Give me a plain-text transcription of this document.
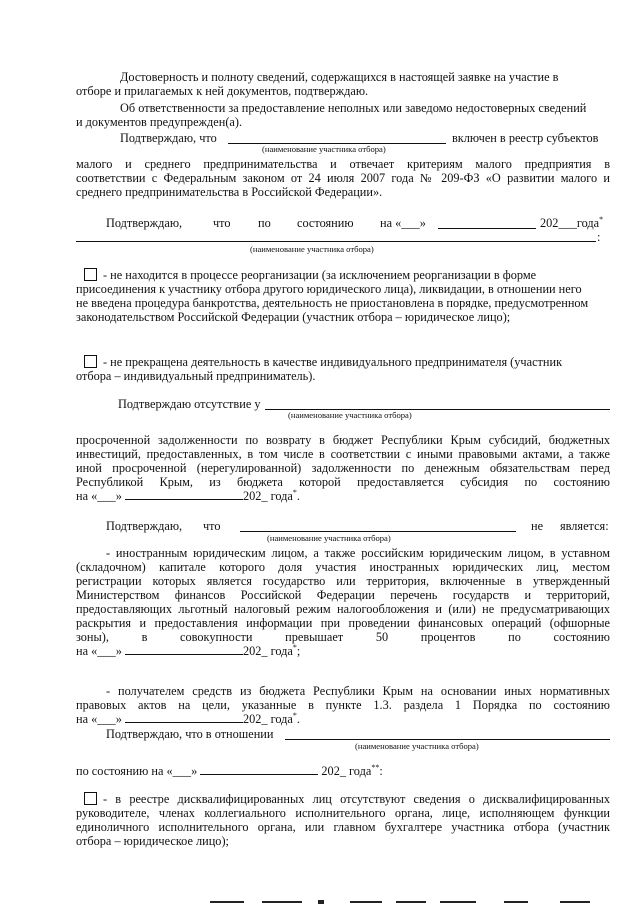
Достоверность и полноту сведений, содержащихся в настоящей заявке на участие в
отборе и прилагаемых к ней документов, подтверждаю.
Об ответственности за предоставление неполных или заведомо недостоверных сведений
и документов предупрежден(а).
Подтверждаю, что	включен в реестр субъектов
(наименование участника отбора)
малого и среднего предпринимательства и отвечает критериям малого предприятия в
соответствии с Федеральным законом от 24 июля 2007 года № 209-ФЗ «О развитии малого и
среднего предпринимательства в Российской Федерации».
Подтверждаю,	что по состоянию на «___»	202___года*
:
(наименование участника отбора)
- не находится в процессе реорганизации (за исключением реорганизации в форме
присоединения к участнику отбора другого юридического лица), ликвидации, в отношении него
не введена процедура банкротства, деятельность не приостановлена в порядке, предусмотренном
законодательством Российской Федерации (участник отбора – юридическое лицо);
- не прекращена деятельность в качестве индивидуального предпринимателя (участник
отбора – индивидуальный предприниматель).
Подтверждаю отсутствие у
(наименование участника отбора)
просроченной задолженности по возврату в бюджет Республики Крым субсидий, бюджетных
инвестиций, предоставленных, в том числе в соответствии с иными правовыми актами, а также
иной просроченной (нерегулированной) задолженности по денежным обязательствам перед
Республикой Крым, из бюджета которой предоставляется субсидия по состоянию
на «___»	202_ года*.
Подтверждаю, что	не является:
(наименование участника отбора)
- иностранным юридическим лицом, а также российским юридическим лицом, в уставном
(складочном) капитале которого доля участия иностранных юридических лиц, местом
регистрации которых является государство или территория, включенные в утвержденный
Министерством финансов Российской Федерации перечень государств и территорий,
предоставляющих льготный налоговый режим налогообложения и (или) не предусматривающих
раскрытия и предоставления информации при проведении финансовых операций (офшорные
зоны), в совокупности превышает 50 процентов по состоянию
на «___»	202_ года*;
- получателем средств из бюджета Республики Крым на основании иных нормативных
правовых актов на цели, указанные в пункте 1.3. раздела 1 Порядка по состоянию
на «___»	202_ года*.
Подтверждаю, что в отношении
(наименование участника отбора)
по состоянию на «___»	202_ года**:
- в реестре дисквалифицированных лиц отсутствуют сведения о дисквалифицированных
руководителе, членах коллегиального исполнительного органа, лице, исполняющем функции
единоличного исполнительного органа, или главном бухгалтере участника отбора (участник
отбора – юридическое лицо);
